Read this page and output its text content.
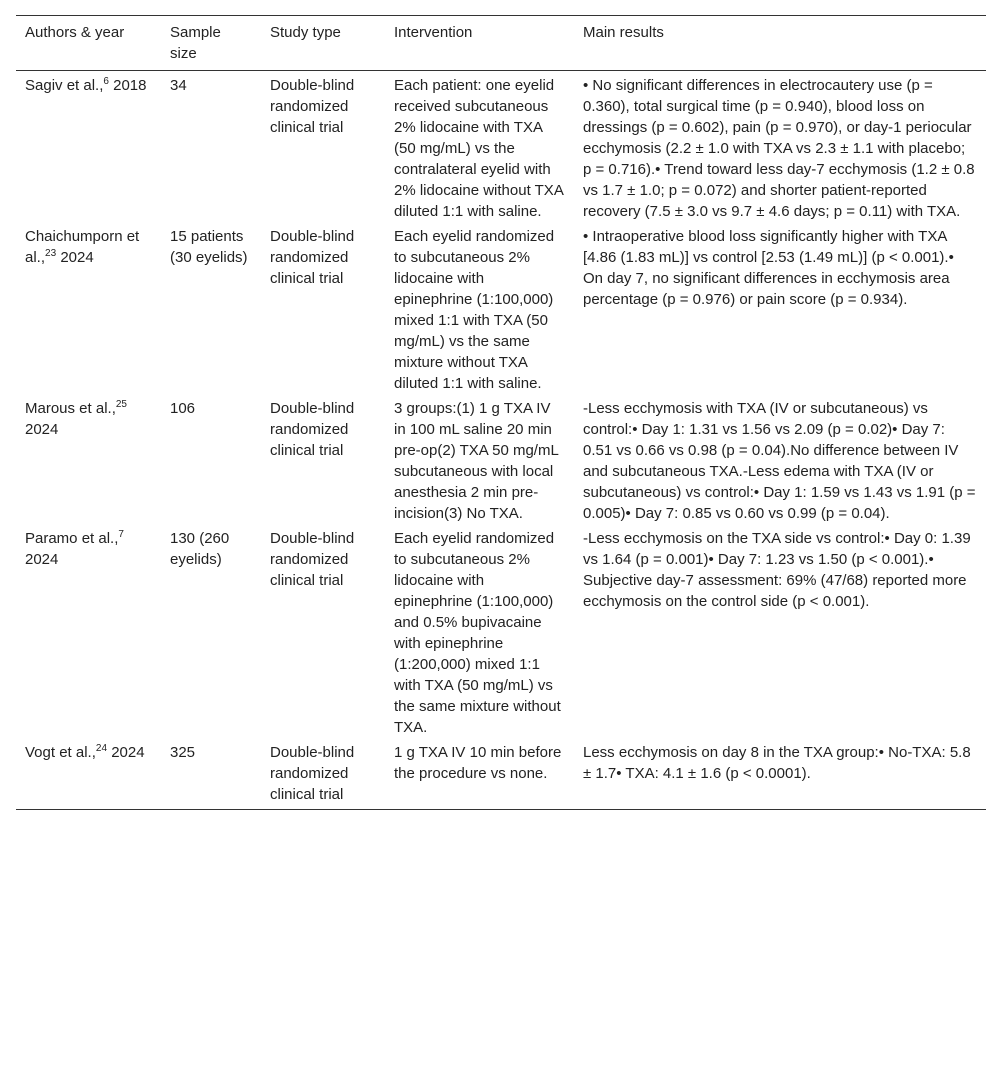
Authors & year	Sample size	Study type	Intervention	Main results
Sagiv et al.,$^6$ 2018	34	Double-blind randomized clinical trial	Each patient: one eyelid received subcutaneous 2% lidocaine with TXA (50 mg/mL) vs the contralateral eyelid with 2% lidocaine without TXA diluted 1:1 with saline.	• No significant differences in electrocautery use (p = 0.360), total surgical time (p = 0.940), blood loss on dressings (p = 0.602), pain (p = 0.970), or day-1 periocular ecchymosis (2.2 ± 1.0 with TXA vs 2.3 ± 1.1 with placebo; p = 0.716).• Trend toward less day-7 ecchymosis (1.2 ± 0.8 vs 1.7 ± 1.0; p = 0.072) and shorter patient-reported recovery (7.5 ± 3.0 vs 9.7 ± 4.6 days; p = 0.11) with TXA.
Chaichumporn et al.,$^{23}$ 2024	15 patients (30 eyelids)	Double-blind randomized clinical trial	Each eyelid randomized to subcutaneous 2% lidocaine with epinephrine (1:100,000) mixed 1:1 with TXA (50 mg/mL) vs the same mixture without TXA diluted 1:1 with saline.	• Intraoperative blood loss significantly higher with TXA [4.86 (1.83 mL)] vs control [2.53 (1.49 mL)] (p < 0.001).• On day 7, no significant differences in ecchymosis area percentage (p = 0.976) or pain score (p = 0.934).
Marous et al.,$^{25}$ 2024	106	Double-blind randomized clinical trial	3 groups:(1) 1 g TXA IV in 100 mL saline 20 min pre-op(2) TXA 50 mg/mL subcutaneous with local anesthesia 2 min pre-incision(3) No TXA.	-Less ecchymosis with TXA (IV or subcutaneous) vs control:• Day 1: 1.31 vs 1.56 vs 2.09 (p = 0.02)• Day 7: 0.51 vs 0.66 vs 0.98 (p = 0.04).No difference between IV and subcutaneous TXA.-Less edema with TXA (IV or subcutaneous) vs control:• Day 1: 1.59 vs 1.43 vs 1.91 (p = 0.005)• Day 7: 0.85 vs 0.60 vs 0.99 (p = 0.04).
Paramo et al.,$^7$ 2024	130 (260 eyelids)	Double-blind randomized clinical trial	Each eyelid randomized to subcutaneous 2% lidocaine with epinephrine (1:100,000) and 0.5% bupivacaine with epinephrine (1:200,000) mixed 1:1 with TXA (50 mg/mL) vs the same mixture without TXA.	-Less ecchymosis on the TXA side vs control:• Day 0: 1.39 vs 1.64 (p = 0.001)• Day 7: 1.23 vs 1.50 (p < 0.001).• Subjective day-7 assessment: 69% (47/68) reported more ecchymosis on the control side (p < 0.001).
Vogt et al.,$^{24}$ 2024	325	Double-blind randomized clinical trial	1 g TXA IV 10 min before the procedure vs none.	Less ecchymosis on day 8 in the TXA group:• No-TXA: 5.8 ± 1.7• TXA: 4.1 ± 1.6 (p < 0.0001).
